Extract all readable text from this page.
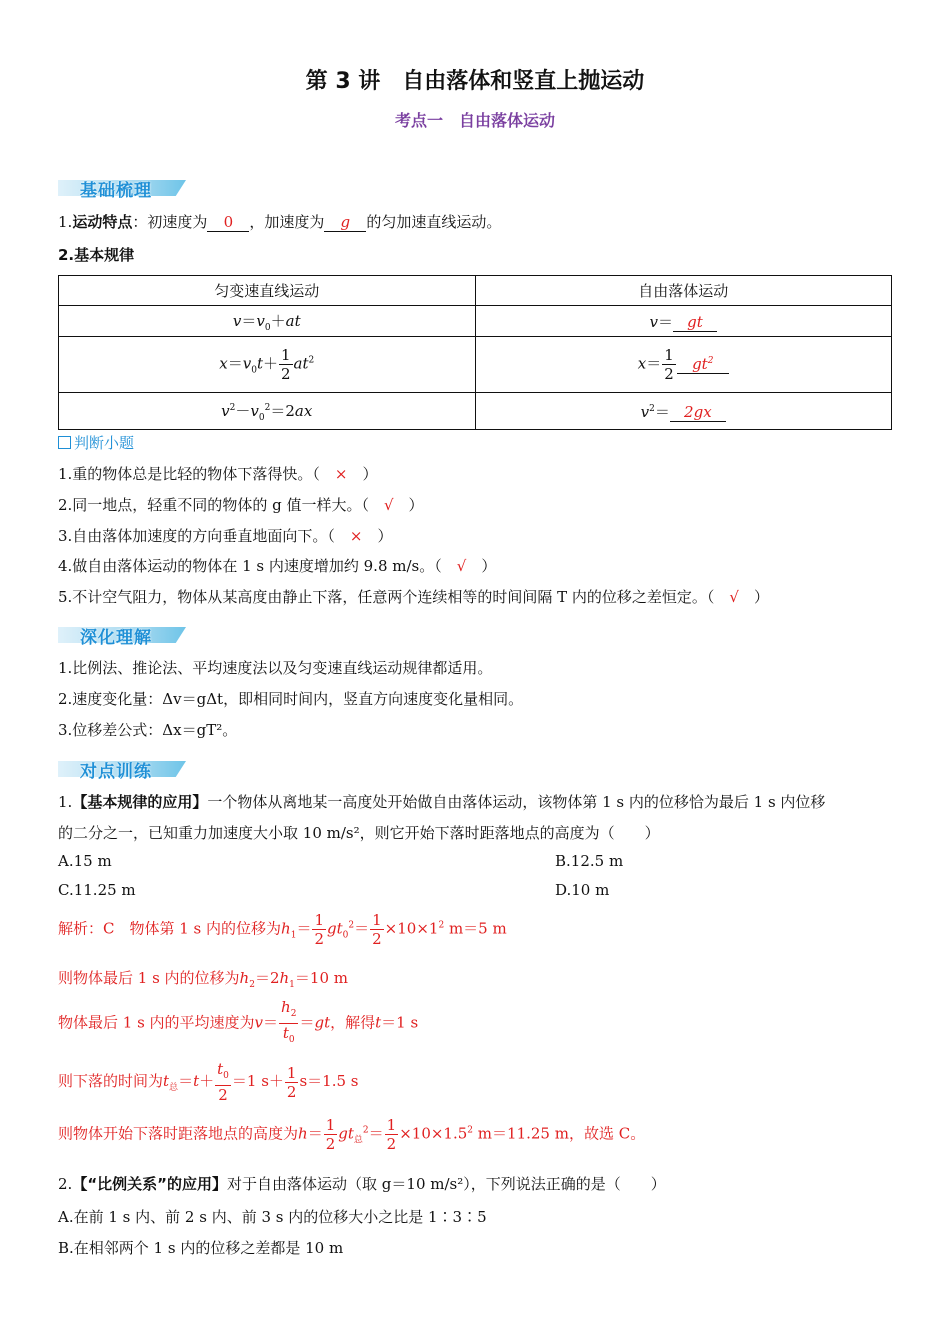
第 3 讲　自由落体和竖直上抛运动
考点一　自由落体运动
基础梳理
1.运动特点：初速度为 0 ，加速度为 g 的匀加速直线运动。
2.基本规律
匀变速直线运动	自由落体运动
$v=v_0+at$	v＝ gt
$x=v_0t+ \frac{1}{2} at^2$	$x= \frac{1}{2} gt^2$
$v^2-v_0^2=2ax$	$v^2= 2gx$
判断小题
1.重的物体总是比轻的物体下落得快。（　 ×　 ）
2.同一地点，轻重不同的物体的 g 值一样大。（　 √　 ）
3.自由落体加速度的方向垂直地面向下。（　 ×　 ）
4.做自由落体运动的物体在 1 s 内速度增加约 9.8 m/s。（　 √　 ）
5.不计空气阻力，物体从某高度由静止下落，任意两个连续相等的时间间隔 T 内的位移之差恒定。（　 √　 ）
深化理解
1.比例法、推论法、平均速度法以及匀变速直线运动规律都适用。
2.速度变化量：Δv＝gΔt，即相同时间内，竖直方向速度变化量相同。
3.位移差公式：Δx＝gT²。
对点训练
1.【基本规律的应用】一个物体从离地某一高度处开始做自由落体运动，该物体第 1 s 内的位移恰为最后 1 s 内位移
的二分之一，已知重力加速度大小取 10 m/s²，则它开始下落时距落地点的高度为（　　）
A.15 m	B.12.5 m
C.11.25 m	D.10 m
解析：C　物体第 1 s 内的位移为$h_1= \frac{1}{2} gt_0^2= \frac{1}{2} \times 10\times 1^2$ m＝5 m
则物体最后 1 s 内的位移为$h_2=2h_1=10$ m
物体最后 1 s 内的平均速度为$v= \frac{h_2}{t_0} =gt$，解得t＝1 s
则下落的时间为$t_总=t+ \frac{t_0}{2} =1$ $s+ \frac{1}{2} s=1.5$ s
则物体开始下落时距落地点的高度为$h= \frac{1}{2} gt_总^2= \frac{1}{2} \times 10\times 1.5^2$ m＝11.25 m，故选 C。
2.【“比例关系”的应用】对于自由落体运动（取 g＝10 m/s²），下列说法正确的是（　　）
A.在前 1 s 内、前 2 s 内、前 3 s 内的位移大小之比是 1∶3∶5
B.在相邻两个 1 s 内的位移之差都是 10 m
